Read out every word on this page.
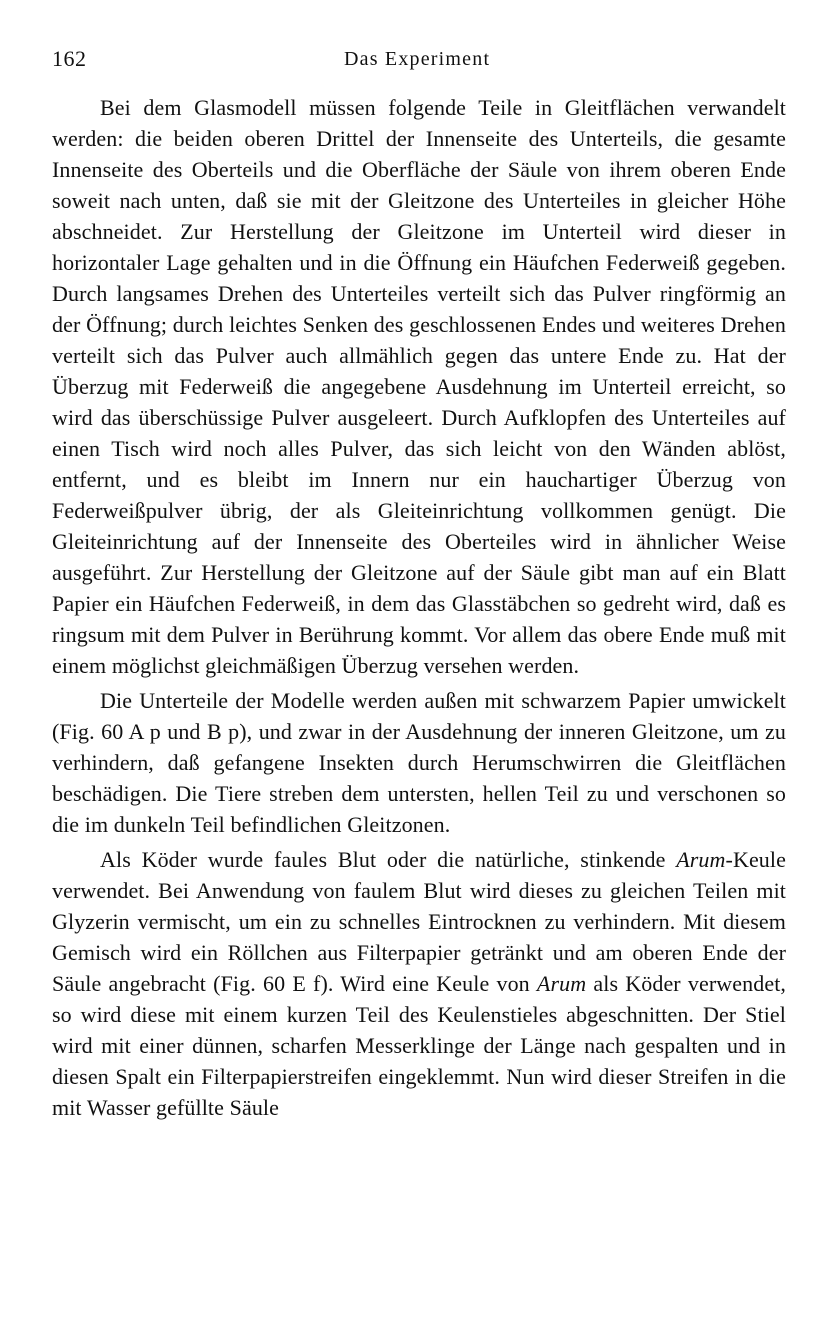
162	Das Experiment

Bei dem Glasmodell müssen folgende Teile in Gleitflächen verwandelt werden: die beiden oberen Drittel der Innenseite des Unterteils, die gesamte Innenseite des Oberteils und die Oberfläche der Säule von ihrem oberen Ende soweit nach unten, daß sie mit der Gleitzone des Unterteiles in gleicher Höhe abschneidet. Zur Herstellung der Gleitzone im Unterteil wird dieser in horizontaler Lage gehalten und in die Öffnung ein Häufchen Federweiß gegeben. Durch langsames Drehen des Unterteiles verteilt sich das Pulver ringförmig an der Öffnung; durch leichtes Senken des geschlossenen Endes und weiteres Drehen verteilt sich das Pulver auch allmählich gegen das untere Ende zu. Hat der Überzug mit Federweiß die angegebene Ausdehnung im Unterteil erreicht, so wird das überschüssige Pulver ausgeleert. Durch Aufklopfen des Unterteiles auf einen Tisch wird noch alles Pulver, das sich leicht von den Wänden ablöst, entfernt, und es bleibt im Innern nur ein hauchartiger Überzug von Federweißpulver übrig, der als Gleiteinrichtung vollkommen genügt. Die Gleiteinrichtung auf der Innenseite des Oberteiles wird in ähnlicher Weise ausgeführt. Zur Herstellung der Gleitzone auf der Säule gibt man auf ein Blatt Papier ein Häufchen Federweiß, in dem das Glasstäbchen so gedreht wird, daß es ringsum mit dem Pulver in Berührung kommt. Vor allem das obere Ende muß mit einem möglichst gleichmäßigen Überzug versehen werden.

Die Unterteile der Modelle werden außen mit schwarzem Papier umwickelt (Fig. 60 A p und B p), und zwar in der Ausdehnung der inneren Gleitzone, um zu verhindern, daß gefangene Insekten durch Herumschwirren die Gleitflächen beschädigen. Die Tiere streben dem untersten, hellen Teil zu und verschonen so die im dunkeln Teil befindlichen Gleitzonen.

Als Köder wurde faules Blut oder die natürliche, stinkende Arum-Keule verwendet. Bei Anwendung von faulem Blut wird dieses zu gleichen Teilen mit Glyzerin vermischt, um ein zu schnelles Eintrocknen zu verhindern. Mit diesem Gemisch wird ein Röllchen aus Filterpapier getränkt und am oberen Ende der Säule angebracht (Fig. 60 E f). Wird eine Keule von Arum als Köder verwendet, so wird diese mit einem kurzen Teil des Keulenstieles abgeschnitten. Der Stiel wird mit einer dünnen, scharfen Messerklinge der Länge nach gespalten und in diesen Spalt ein Filterpapierstreifen eingeklemmt. Nun wird dieser Streifen in die mit Wasser gefüllte Säule
